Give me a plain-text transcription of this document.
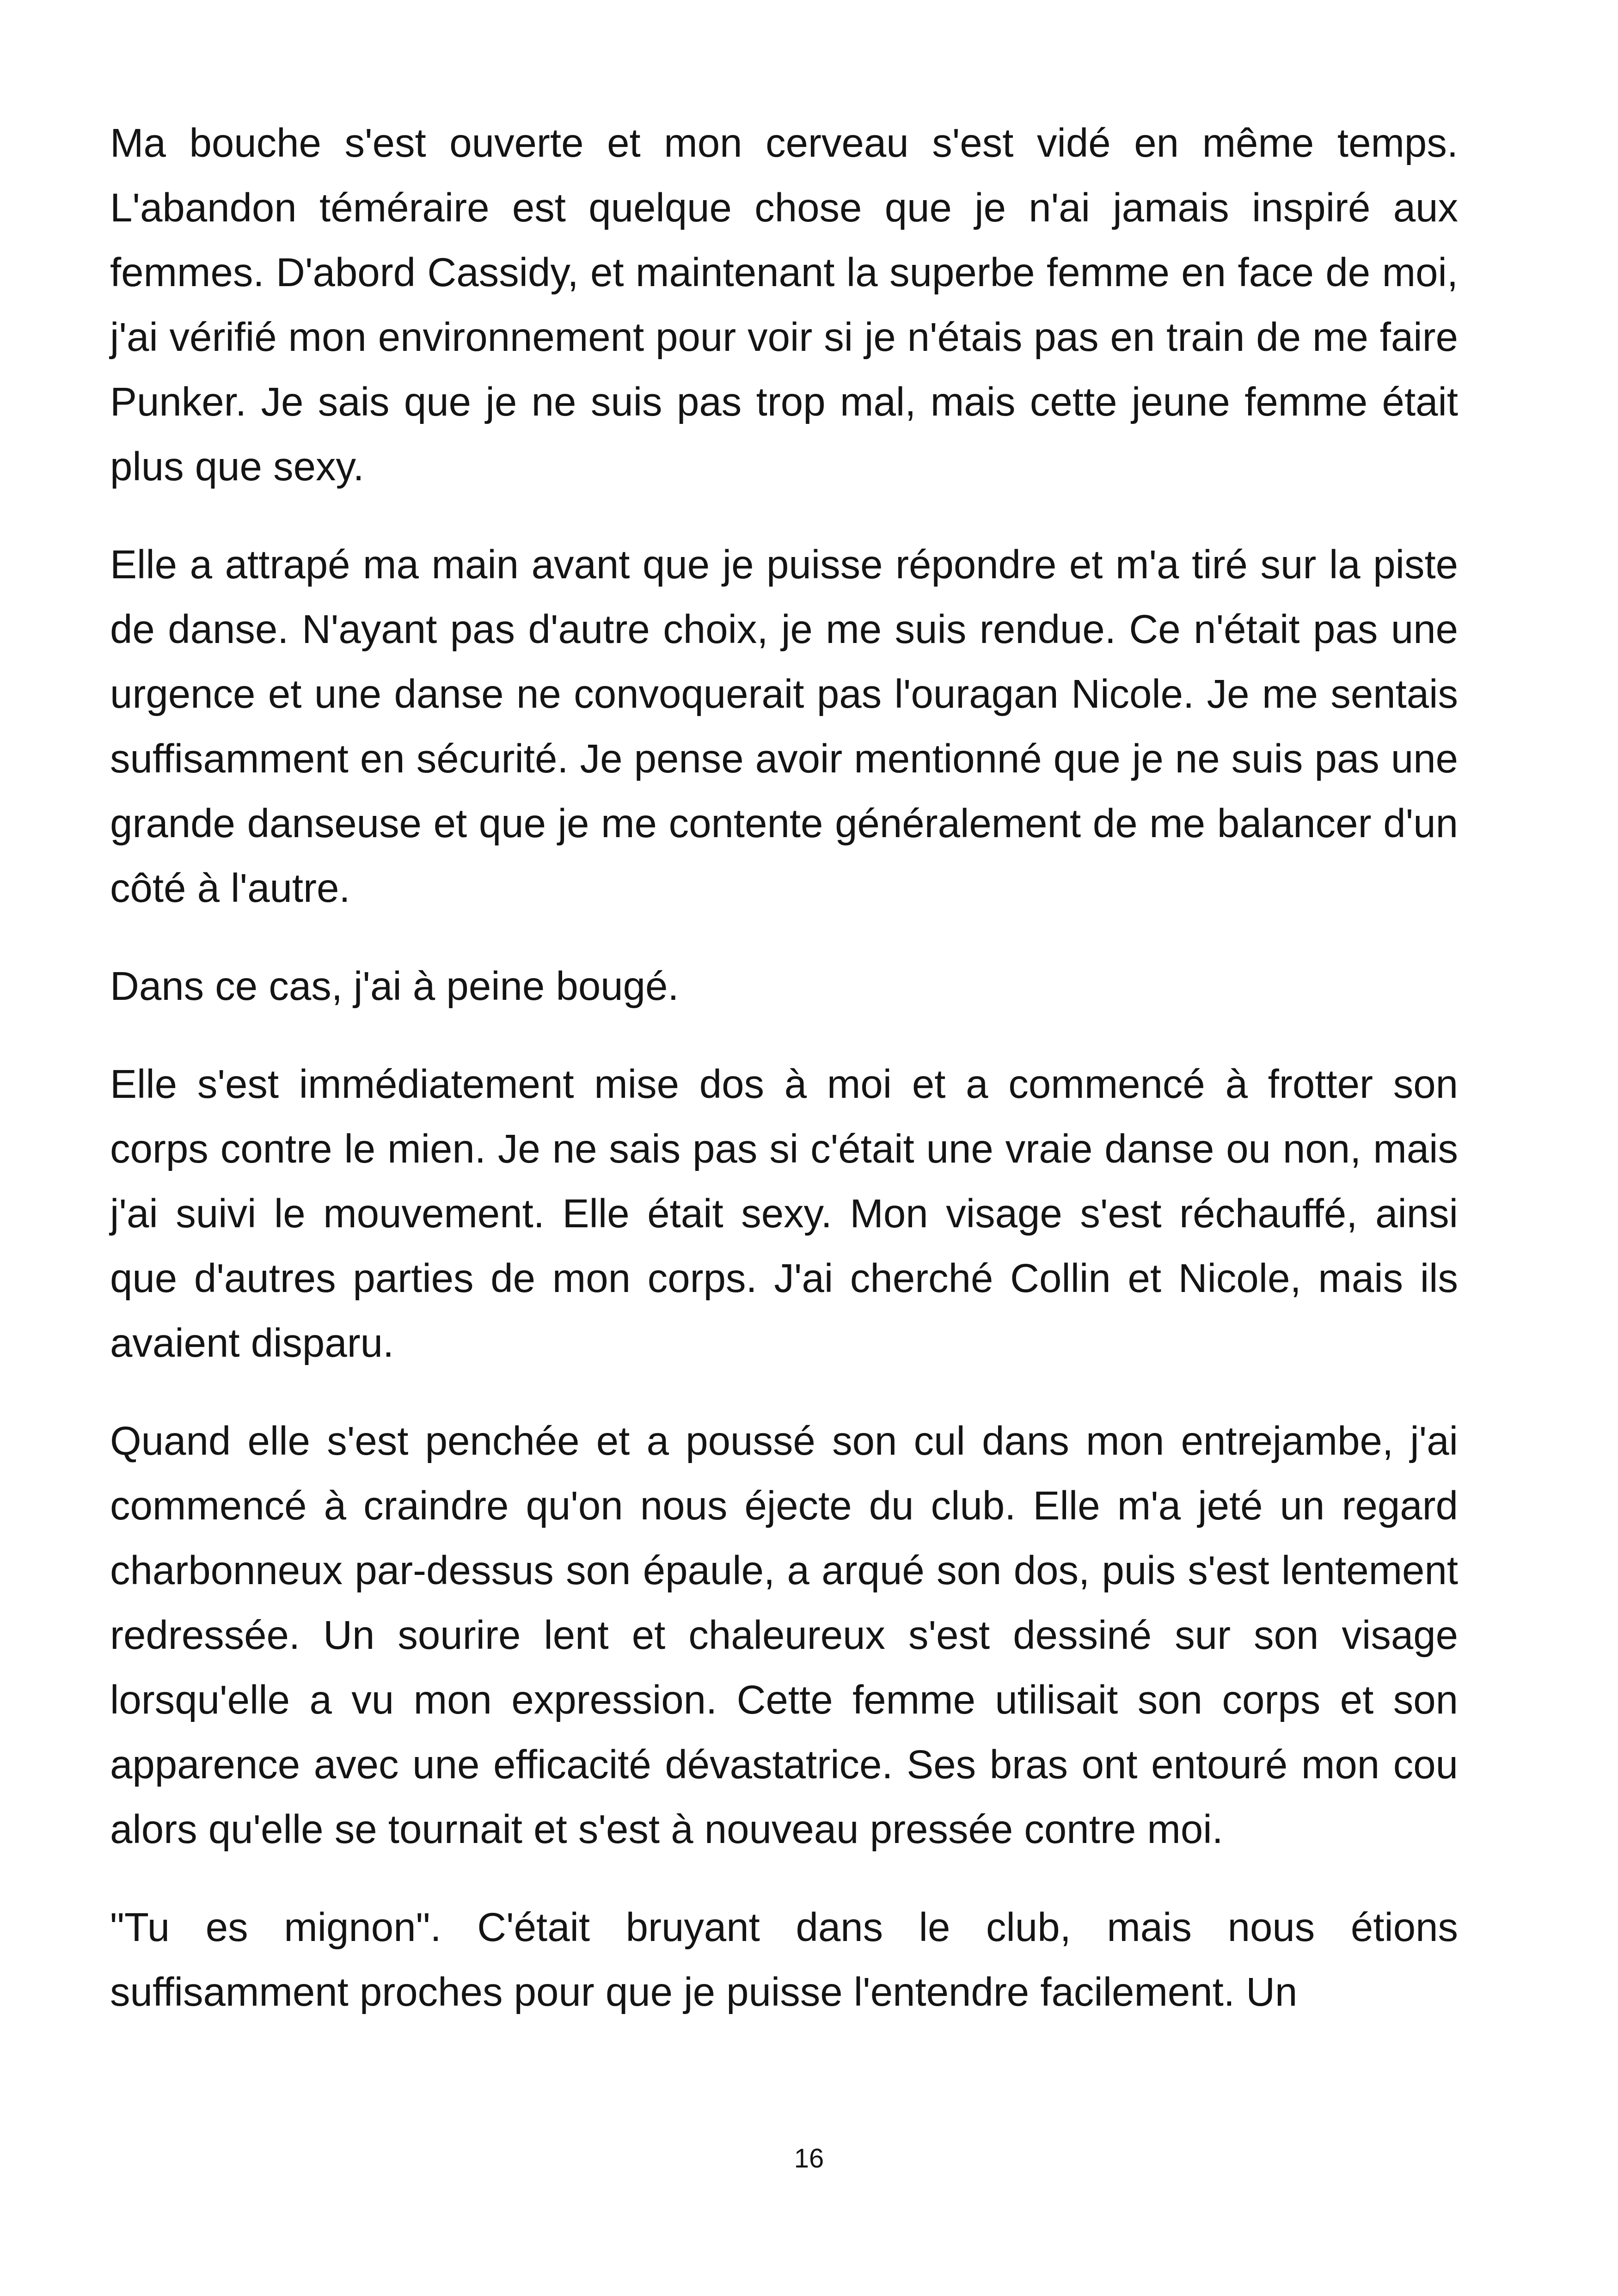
Ma bouche s'est ouverte et mon cerveau s'est vidé en même temps. L'abandon téméraire est quelque chose que je n'ai jamais inspiré aux femmes. D'abord Cassidy, et maintenant la superbe femme en face de moi, j'ai vérifié mon environnement pour voir si je n'étais pas en train de me faire Punker. Je sais que je ne suis pas trop mal, mais cette jeune femme était plus que sexy.

Elle a attrapé ma main avant que je puisse répondre et m'a tiré sur la piste de danse. N'ayant pas d'autre choix, je me suis rendue. Ce n'était pas une urgence et une danse ne convoquerait pas l'ouragan Nicole. Je me sentais suffisamment en sécurité. Je pense avoir mentionné que je ne suis pas une grande danseuse et que je me contente généralement de me balancer d'un côté à l'autre.

Dans ce cas, j'ai à peine bougé.

Elle s'est immédiatement mise dos à moi et a commencé à frotter son corps contre le mien. Je ne sais pas si c'était une vraie danse ou non, mais j'ai suivi le mouvement. Elle était sexy. Mon visage s'est réchauffé, ainsi que d'autres parties de mon corps. J'ai cherché Collin et Nicole, mais ils avaient disparu.

Quand elle s'est penchée et a poussé son cul dans mon entrejambe, j'ai commencé à craindre qu'on nous éjecte du club. Elle m'a jeté un regard charbonneux par-dessus son épaule, a arqué son dos, puis s'est lentement redressée. Un sourire lent et chaleureux s'est dessiné sur son visage lorsqu'elle a vu mon expression. Cette femme utilisait son corps et son apparence avec une efficacité dévastatrice. Ses bras ont entouré mon cou alors qu'elle se tournait et s'est à nouveau pressée contre moi.

"Tu es mignon". C'était bruyant dans le club, mais nous étions suffisamment proches pour que je puisse l'entendre facilement. Un

16
